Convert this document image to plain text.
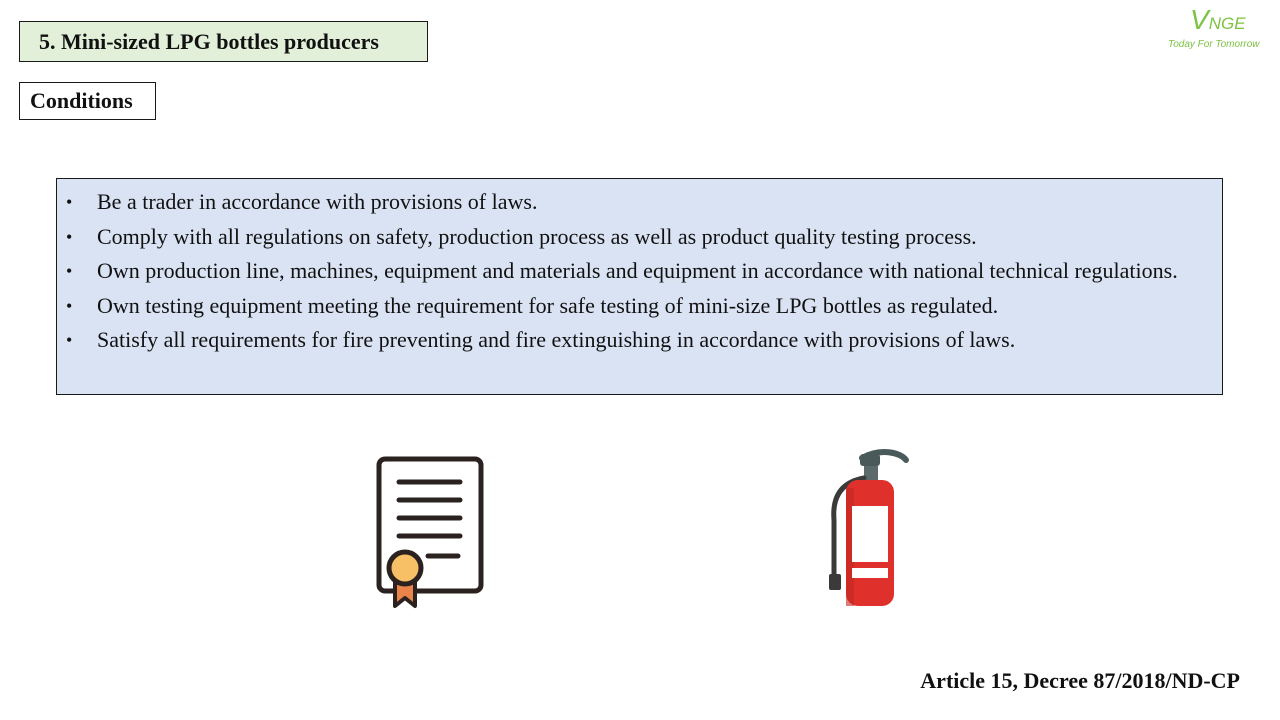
5. Mini-sized LPG bottles producers
Conditions
VNGE
Today For Tomorrow
• Be a trader in accordance with provisions of laws.
• Comply with all regulations on safety, production process as well as product quality testing process.
• Own production line, machines, equipment and materials and equipment in accordance with national technical regulations.
• Own testing equipment meeting the requirement for safe testing of mini-size LPG bottles as regulated.
• Satisfy all requirements for fire preventing and fire extinguishing in accordance with provisions of laws.
Article 15, Decree 87/2018/ND-CP
